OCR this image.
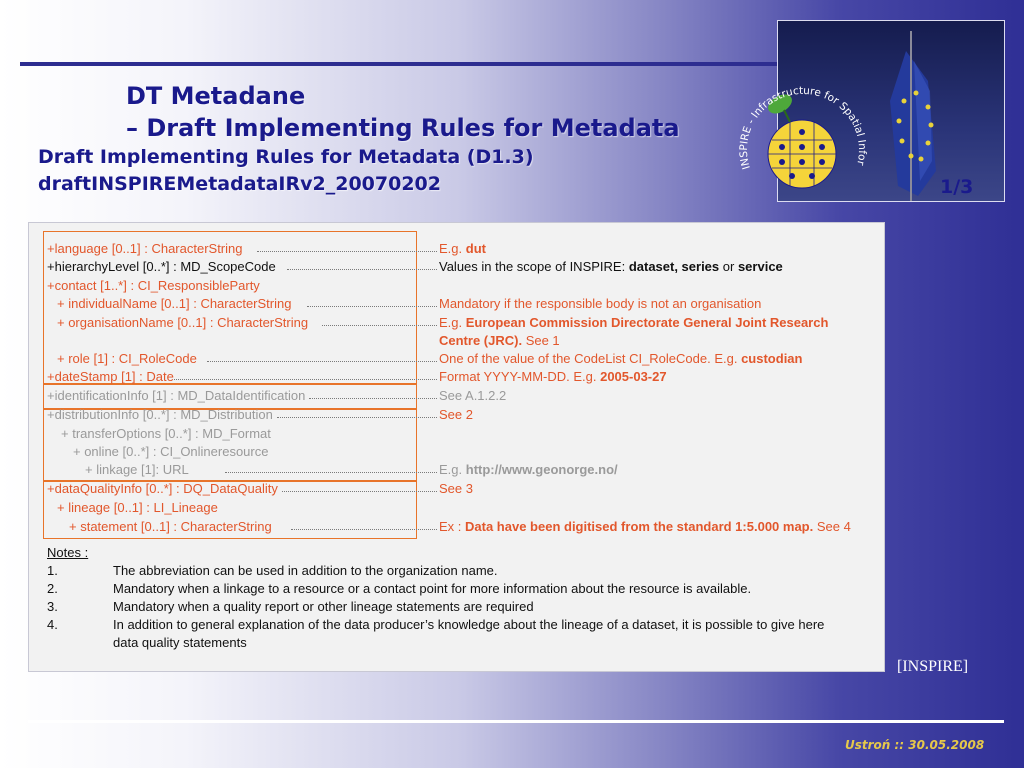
INSPIRE - Infrastructure for Spatial Infor
DT Metadane
– Draft Implementing Rules for Metadata
Draft Implementing Rules for Metadata (D1.3)
draftINSPIREMetadataIRv2_20070202	1/3
+language [0..1] : CharacterString	E.g. dut
+hierarchyLevel [0..*] : MD_ScopeCode	Values in the scope of INSPIRE: dataset, series or service
+contact [1..*] : CI_ResponsibleParty
+ individualName [0..1] : CharacterString	Mandatory if the responsible body is not an organisation
+ organisationName [0..1] : CharacterString	E.g. European Commission Directorate General Joint Research
Centre (JRC). See 1
+ role [1] : CI_RoleCode	One of the value of the CodeList CI_RoleCode. E.g. custodian
+dateStamp [1] : Date	Format YYYY-MM-DD. E.g. 2005-03-27
+identificationInfo [1] : MD_DataIdentification	See A.1.2.2
+distributionInfo [0..*] : MD_Distribution	See 2
+ transferOptions [0..*] : MD_Format
+ online [0..*] : CI_Onlineresource
+ linkage [1]: URL	E.g. http://www.geonorge.no/
+dataQualityInfo [0..*] : DQ_DataQuality	See 3
+ lineage [0..1] : LI_Lineage
+ statement [0..1] : CharacterString	Ex : Data have been digitised from the standard 1:5.000 map. See 4
Notes :
1.	The abbreviation can be used in addition to the organization name.
2.	Mandatory when a linkage to a resource or a contact point for more information about the resource is available.
3.	Mandatory when a quality report or other lineage statements are required
4.	In addition to general explanation of the data producer’s knowledge about the lineage of a dataset, it is possible to give here
data quality statements
[INSPIRE]
Ustroń :: 30.05.2008
